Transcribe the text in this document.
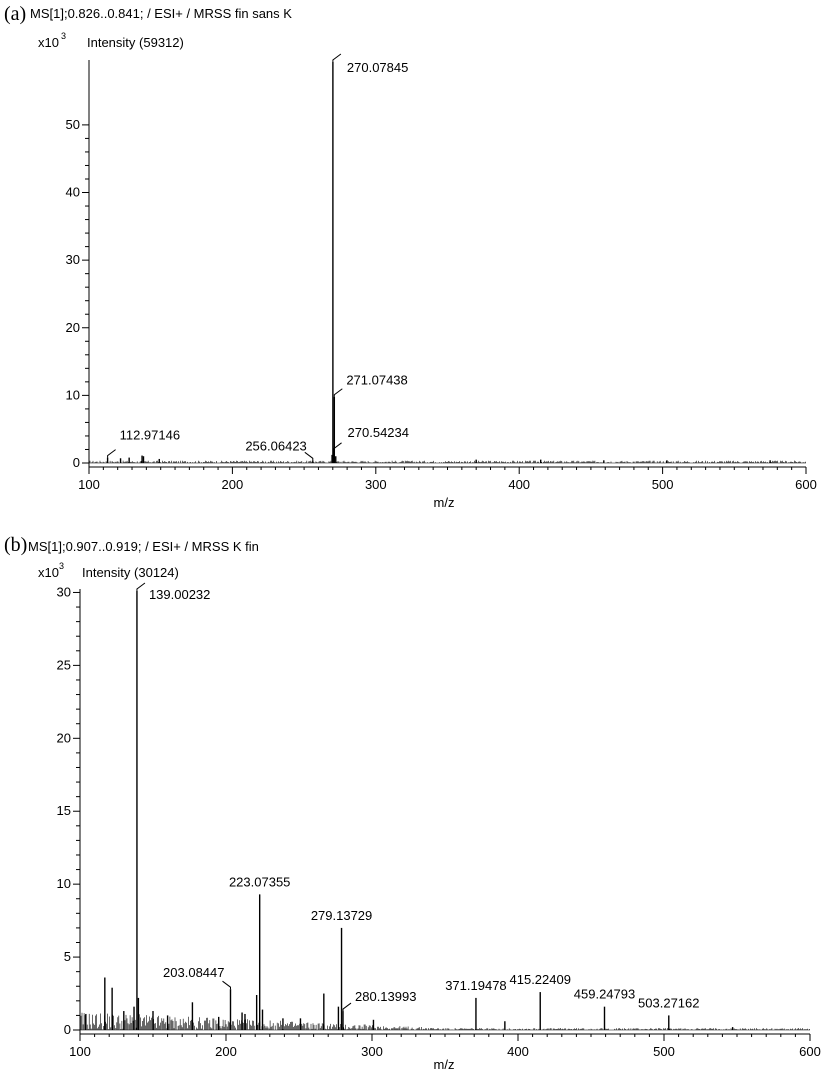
(a) MS[1];0.826..0.841; / ESI+ / MRSS fin sans K
x10 3 Intensity (59312)
0
10
20
30
40
50
100	200	300	400	500	600
112.97146
256.06423
270.07845
271.07438
270.54234
m/z
(b) MS[1];0.907..0.919; / ESI+ / MRSS K fin
x10 3 Intensity (30124)
0
5
10
15
20
25
30
100	200	300	400	500	600
139.00232
203.08447
223.07355
279.13729
280.13993
371.19478 415.22409
459.24793
503.27162
m/z
